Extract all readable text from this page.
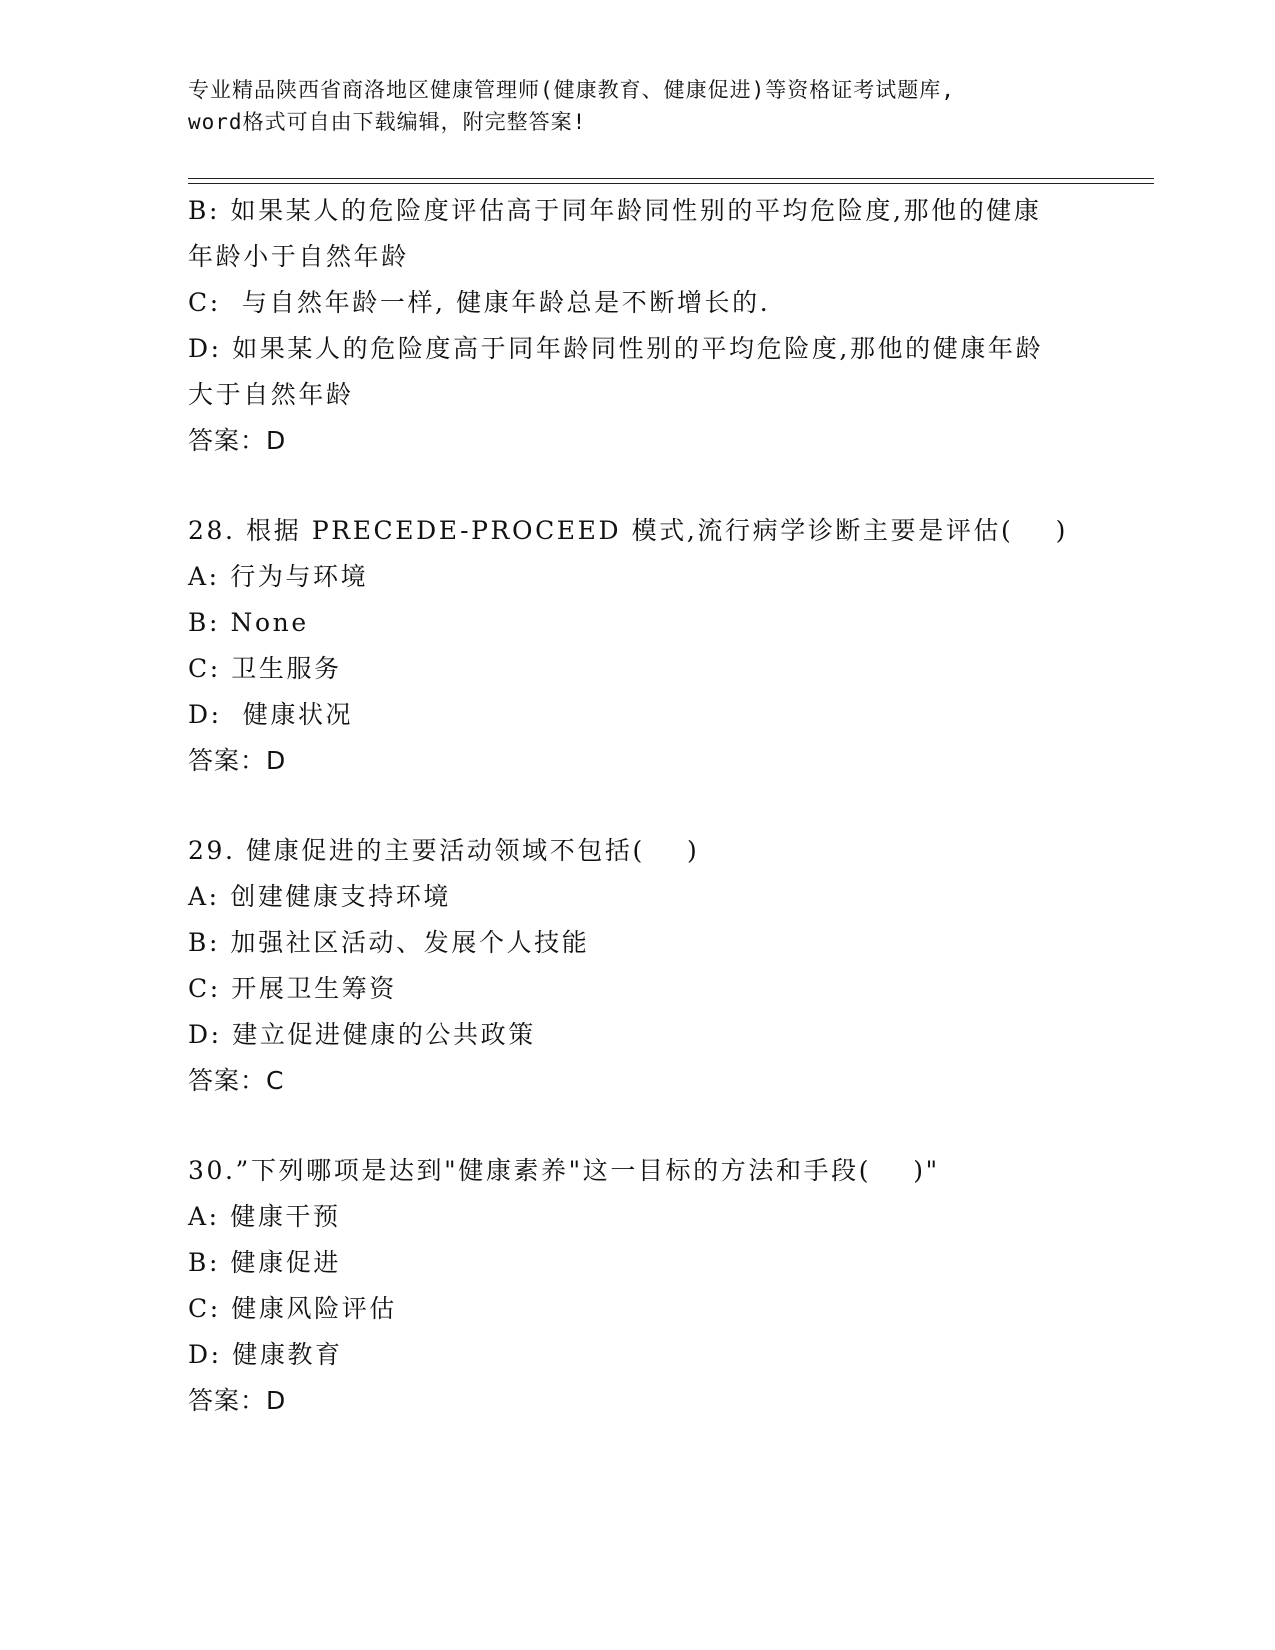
专业精品陕西省商洛地区健康管理师(健康教育、健康促进)等资格证考试题库,
word格式可自由下载编辑，附完整答案!
B: 如果某人的危险度评估高于同年龄同性别的平均危险度,那他的健康年龄小于自然年龄
C:  与自然年龄一样, 健康年龄总是不断增长的.
D: 如果某人的危险度高于同年龄同性别的平均危险度,那他的健康年龄大于自然年龄
答案：D
28. 根据 PRECEDE-PROCEED 模式,流行病学诊断主要是评估(    )
A: 行为与环境
B: None
C: 卫生服务
D:  健康状况
答案：D
29. 健康促进的主要活动领域不包括(    )
A: 创建健康支持环境
B: 加强社区活动、发展个人技能
C: 开展卫生筹资
D: 建立促进健康的公共政策
答案：C
30.”下列哪项是达到"健康素养"这一目标的方法和手段(    )"
A: 健康干预
B: 健康促进
C: 健康风险评估
D: 健康教育
答案：D
